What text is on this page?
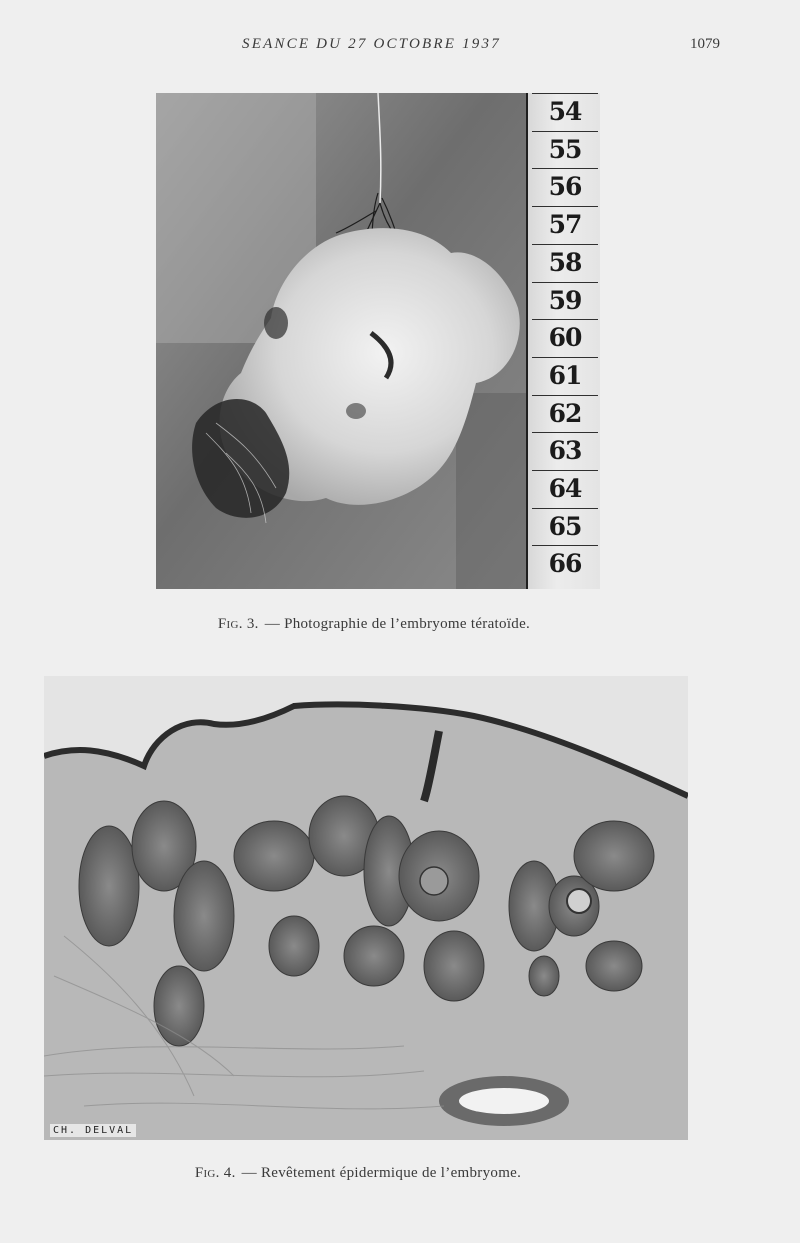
SEANCE DU 27 OCTOBRE 1937	1079
54
55
56
57
58
59
60
61
62
63
64
65
66
Fig. 3. — Photographie de l’embryome tératoïde.
CH. DELVAL
Fig. 4. — Revêtement épidermique de l’embryome.
